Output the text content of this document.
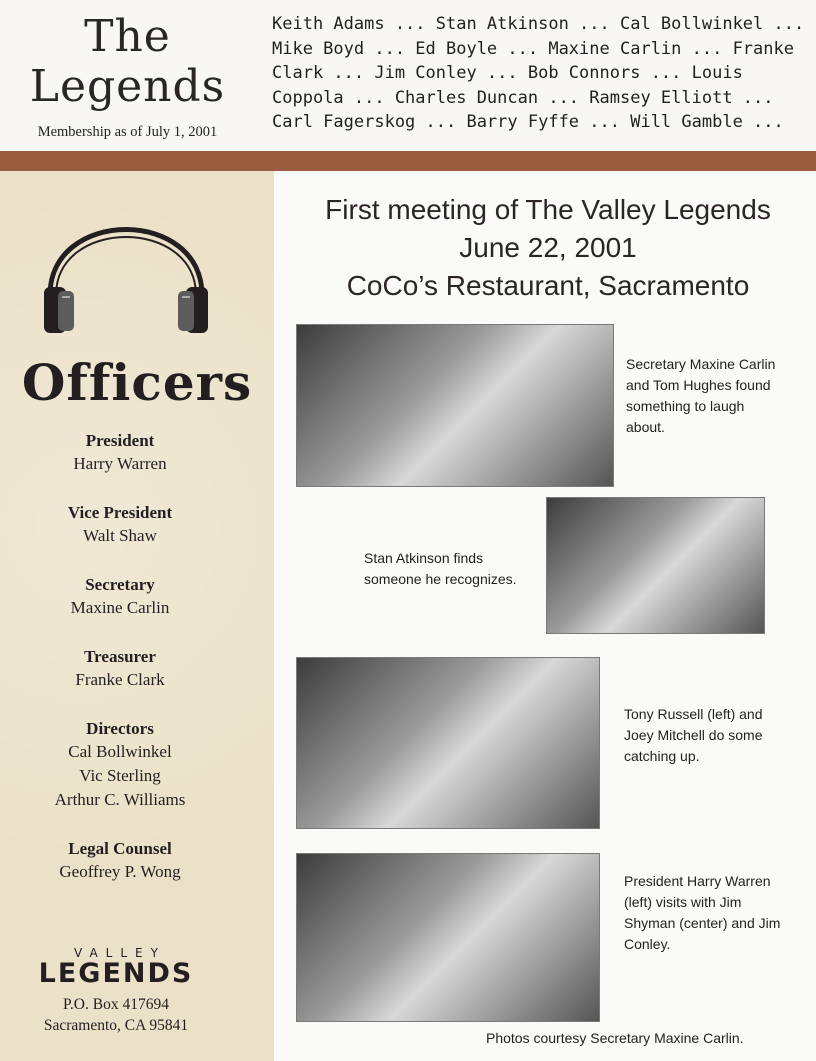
The
Legends
Membership as of July 1, 2001
Keith Adams ... Stan Atkinson ... Cal Bollwinkel ...
Mike Boyd ... Ed Boyle ... Maxine Carlin ... Franke
Clark ... Jim Conley ... Bob Connors ... Louis
Coppola ... Charles Duncan ... Ramsey Elliott ...
Carl Fagerskog ... Barry Fyffe ... Will Gamble ...
Officers
President
Harry Warren
Vice President
Walt Shaw
Secretary
Maxine Carlin
Treasurer
Franke Clark
Directors
Cal Bollwinkel
Vic Sterling
Arthur C. Williams
Legal Counsel
Geoffrey P. Wong
VALLEY
LEGENDS
P.O. Box 417694
Sacramento, CA 95841
First meeting of The Valley Legends
June 22, 2001
CoCo’s Restaurant, Sacramento
Secretary Maxine Carlin
and Tom Hughes found
something to laugh
about.
Stan Atkinson finds
someone he recognizes.
Tony Russell (left) and
Joey Mitchell do some
catching up.
President Harry Warren
(left) visits with Jim
Shyman (center) and Jim
Conley.
Photos courtesy Secretary Maxine Carlin.
